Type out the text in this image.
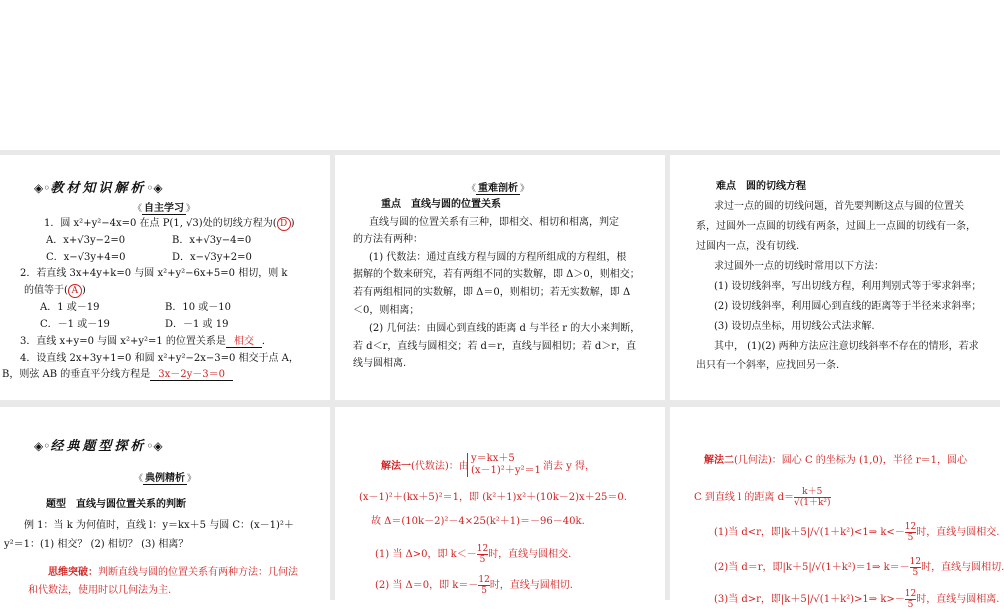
◈◦教材知识解析◦◈
《 自主学习 》
1．圆 x²+y²−4x=0 在点 P(1, √3)处的切线方程为( D )
A．x+√3y−2=0	B．x+√3y−4=0
C．x−√3y+4=0	D．x−√3y+2=0
2．若直线 3x+4y+k=0 与圆 x²+y²−6x+5=0 相切，则 k
的值等于( A )
A．1 或－19	B．10 或－10
C．－1 或－19	D．－1 或 19
3．直线 x+y=0 与圆 x²+y²=1 的位置关系是 相交 ．
4．设直线 2x+3y+1=0 和圆 x²+y²−2x−3=0 相交于点 A，
B，则弦 AB 的垂直平分线方程是 3x－2y－3＝0
《 重难剖析 》
重点　直线与圆的位置关系
直线与圆的位置关系有三种，即相交、相切和相离，判定
的方法有两种：
(1) 代数法：通过直线方程与圆的方程所组成的方程组，根
据解的个数来研究，若有两组不同的实数解，即 Δ＞0，则相交；
若有两组相同的实数解，即 Δ＝0，则相切；若无实数解，即 Δ
＜0，则相离；
(2) 几何法：由圆心到直线的距离 d 与半径 r 的大小来判断，
若 d＜r，直线与圆相交；若 d＝r，直线与圆相切；若 d＞r，直
线与圆相离.
难点　圆的切线方程
求过一点的圆的切线问题，首先要判断这点与圆的位置关
系，过圆外一点圆的切线有两条，过圆上一点圆的切线有一条，
过圆内一点，没有切线.
求过圆外一点的切线时常用以下方法：
(1) 设切线斜率，写出切线方程，利用判别式等于零求斜率；
(2) 设切线斜率，利用圆心到直线的距离等于半径来求斜率；
(3) 设切点坐标，用切线公式法求解.
其中， (1)(2) 两种方法应注意切线斜率不存在的情形，若求
出只有一个斜率，应找回另一条.
◈◦经典题型探析◦◈
《 典例精析 》
题型　直线与圆位置关系的判断
例 1：当 k 为何值时，直线 l：y＝kx＋5 与圆 C：(x－1)²＋
y²＝1：(1) 相交？ (2) 相切？ (3) 相离？
思维突破：判断直线与圆的位置关系有两种方法：几何法
和代数法，使用时以几何法为主.
解法一(代数法)：由
y＝kx＋5
(x－1)²＋y²＝1 消去 y 得，
(x－1)²＋(kx＋5)²＝1，即 (k²＋1)x²＋(10k－2)x＋25＝0.
故 Δ＝(10k－2)²－4×25(k²＋1)＝－96－40k.
(1) 当 Δ>0，即 $k<- \frac{12}{5}$ 时，直线与圆相交.
(2) 当 Δ＝0，即 $k=- \frac{12}{5}$ 时，直线与圆相切.
解法二(几何法)：圆心 C 的坐标为 (1,0)，半径 r＝1，圆心
C 到直线 l 的距离 $d= \frac{k+5}{\text{√(1＋k²)}}$
(1)当 d<r，即|k＋5|/√(1＋k²)<1⇒ $k<- \frac{12}{5}$ 时，直线与圆相交.
(2)当 d＝r，即|k＋5|/√(1＋k²)＝1⇒ $k=- \frac{12}{5}$ 时，直线与圆相切.
(3)当 d>r，即|k＋5|/√(1＋k²)>1⇒ $k>- \frac{12}{5}$ 时，直线与圆相离.
